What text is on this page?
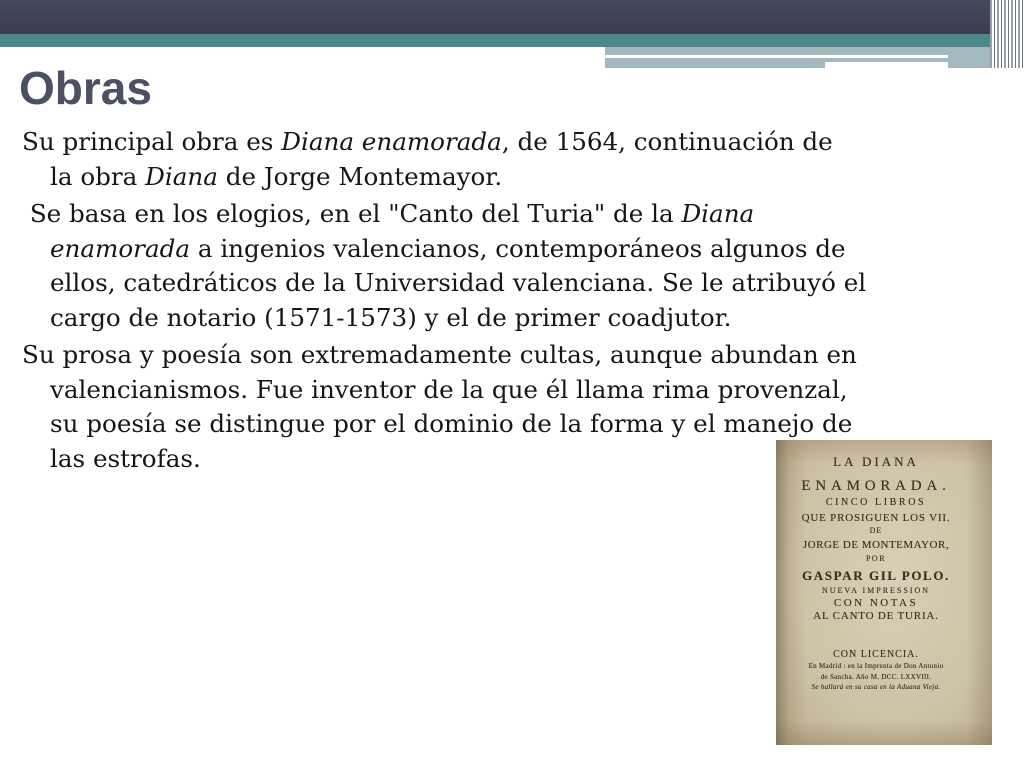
Obras
Su principal obra es Diana enamorada, de 1564, continuación de
la obra Diana de Jorge Montemayor.
Se basa en los elogios, en el "Canto del Turia" de la Diana
enamorada a ingenios valencianos, contemporáneos algunos de
ellos, catedráticos de la Universidad valenciana. Se le atribuyó el
cargo de notario (1571-1573) y el de primer coadjutor.
Su prosa y poesía son extremadamente cultas, aunque abundan en
valencianismos. Fue inventor de la que él llama rima provenzal,
su poesía se distingue por el dominio de la forma y el manejo de
las estrofas.	LA DIANA
ENAMORADA.
CINCO LIBROS
QUE PROSIGUEN LOS VII.
DE
JORGE DE MONTEMAYOR,
POR
GASPAR GIL POLO.
NUEVA IMPRESSION
CON NOTAS
AL CANTO DE TURIA.
CON LICENCIA.
En Madrid : en la Imprenta de Don Antonio
de Sancha. Año M. DCC. LXXVIII.
Se hallará en su casa en la Aduana Vieja.
